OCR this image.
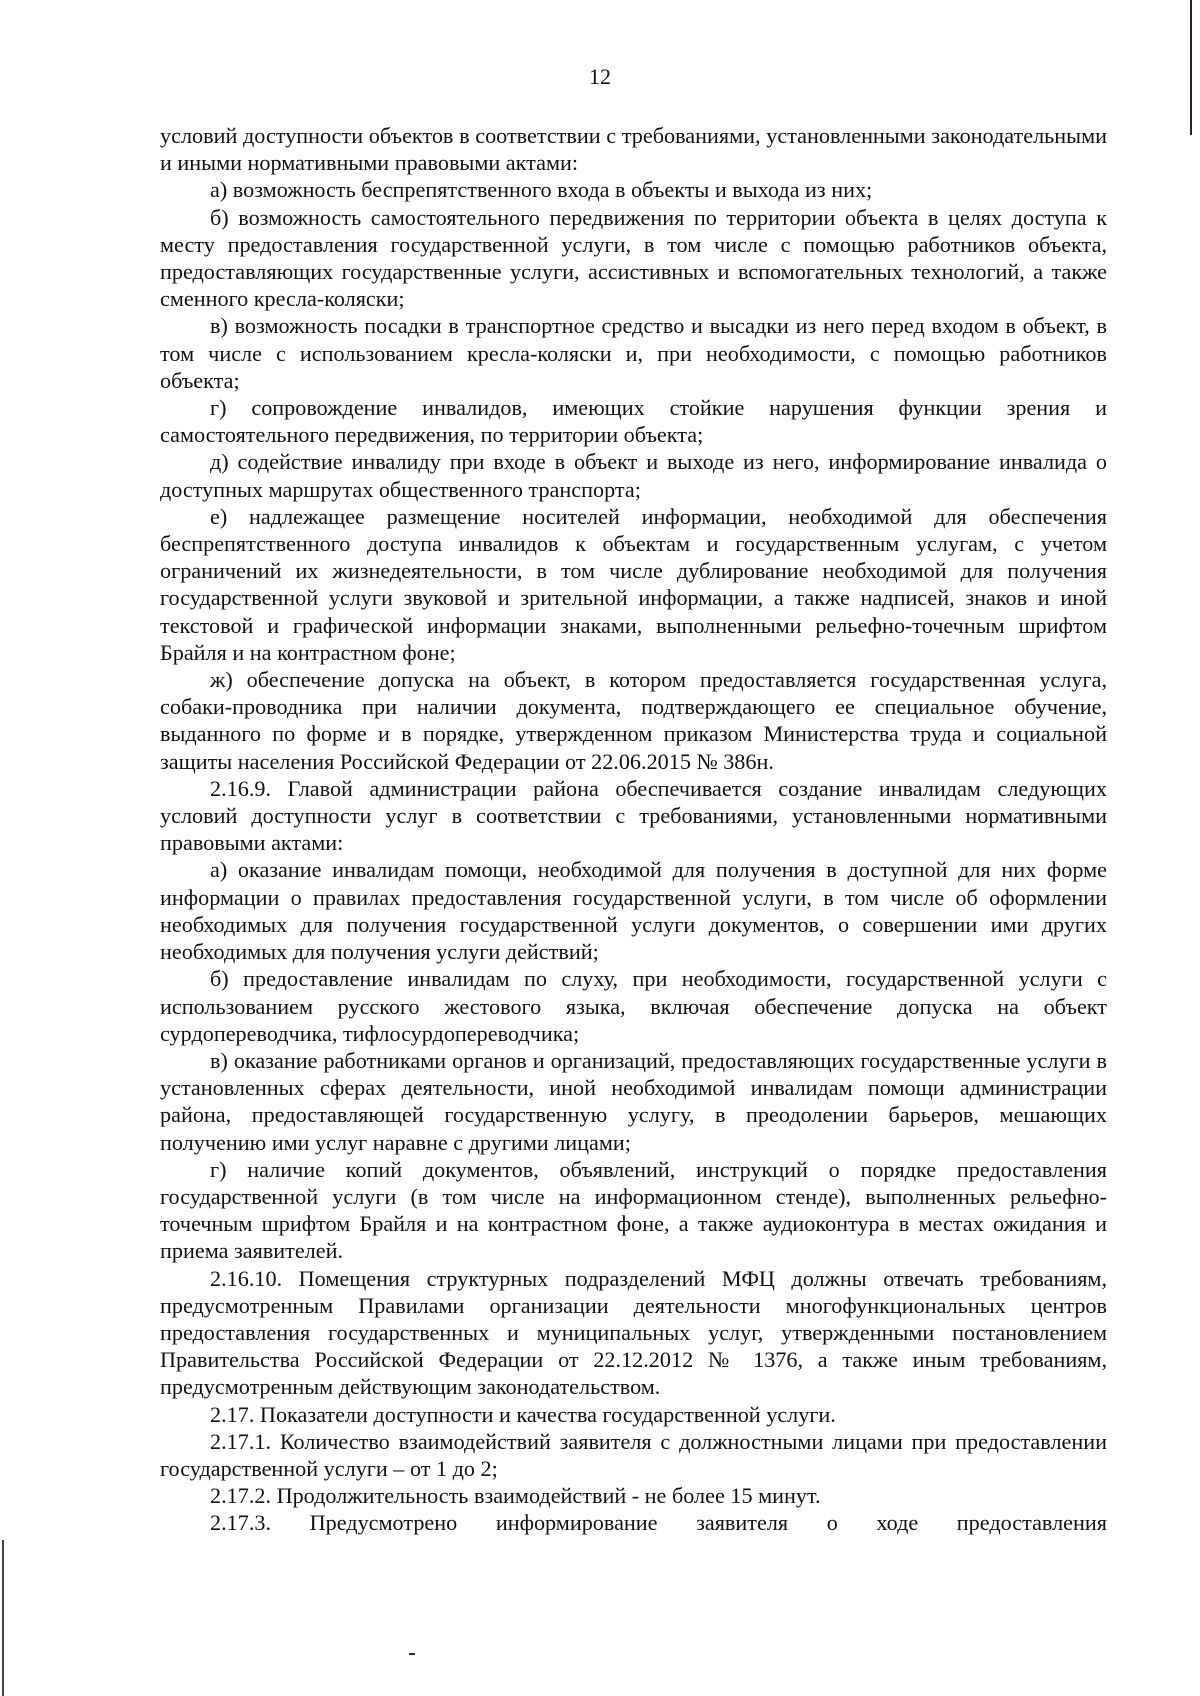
12

условий доступности объектов в соответствии с требованиями, установленными законодательными и иными нормативными правовыми актами:

а) возможность беспрепятственного входа в объекты и выхода из них;

б) возможность самостоятельного передвижения по территории объекта в целях доступа к месту предоставления государственной услуги, в том числе с помощью работников объекта, предоставляющих государственные услуги, ассистивных и вспомогательных технологий, а также сменного кресла-коляски;

в) возможность посадки в транспортное средство и высадки из него перед входом в объект, в том числе с использованием кресла-коляски и, при необходимости, с помощью работников объекта;

г) сопровождение инвалидов, имеющих стойкие нарушения функции зрения и самостоятельного передвижения, по территории объекта;

д) содействие инвалиду при входе в объект и выходе из него, информирование инвалида о доступных маршрутах общественного транспорта;

е) надлежащее размещение носителей информации, необходимой для обеспечения беспрепятственного доступа инвалидов к объектам и государственным услугам, с учетом ограничений их жизнедеятельности, в том числе дублирование необходимой для получения государственной услуги звуковой и зрительной информации, а также надписей, знаков и иной текстовой и графической информации знаками, выполненными рельефно-точечным шрифтом Брайля и на контрастном фоне;

ж) обеспечение допуска на объект, в котором предоставляется государственная услуга, собаки-проводника при наличии документа, подтверждающего ее специальное обучение, выданного по форме и в порядке, утвержденном приказом Министерства труда и социальной защиты населения Российской Федерации от 22.06.2015 № 386н.

2.16.9. Главой администрации района обеспечивается создание инвалидам следующих условий доступности услуг в соответствии с требованиями, установленными нормативными правовыми актами:

а) оказание инвалидам помощи, необходимой для получения в доступной для них форме информации о правилах предоставления государственной услуги, в том числе об оформлении необходимых для получения государственной услуги документов, о совершении ими других необходимых для получения услуги действий;

б) предоставление инвалидам по слуху, при необходимости, государственной услуги с использованием русского жестового языка, включая обеспечение допуска на объект сурдопереводчика, тифлосурдопереводчика;

в) оказание работниками органов и организаций, предоставляющих государственные услуги в установленных сферах деятельности, иной необходимой инвалидам помощи администрации района, предоставляющей государственную услугу, в преодолении барьеров, мешающих получению ими услуг наравне с другими лицами;

г) наличие копий документов, объявлений, инструкций о порядке предоставления государственной услуги (в том числе на информационном стенде), выполненных рельефно-точечным шрифтом Брайля и на контрастном фоне, а также аудиоконтура в местах ожидания и приема заявителей.

2.16.10. Помещения структурных подразделений МФЦ должны отвечать требованиям, предусмотренным Правилами организации деятельности многофункциональных центров предоставления государственных и муниципальных услуг, утвержденными постановлением Правительства Российской Федерации от 22.12.2012 № 1376, а также иным требованиям, предусмотренным действующим законодательством.

2.17. Показатели доступности и качества государственной услуги.

2.17.1. Количество взаимодействий заявителя с должностными лицами при предоставлении государственной услуги – от 1 до 2;

2.17.2. Продолжительность взаимодействий - не более 15 минут.

2.17.3. Предусмотрено информирование заявителя о ходе предоставления
